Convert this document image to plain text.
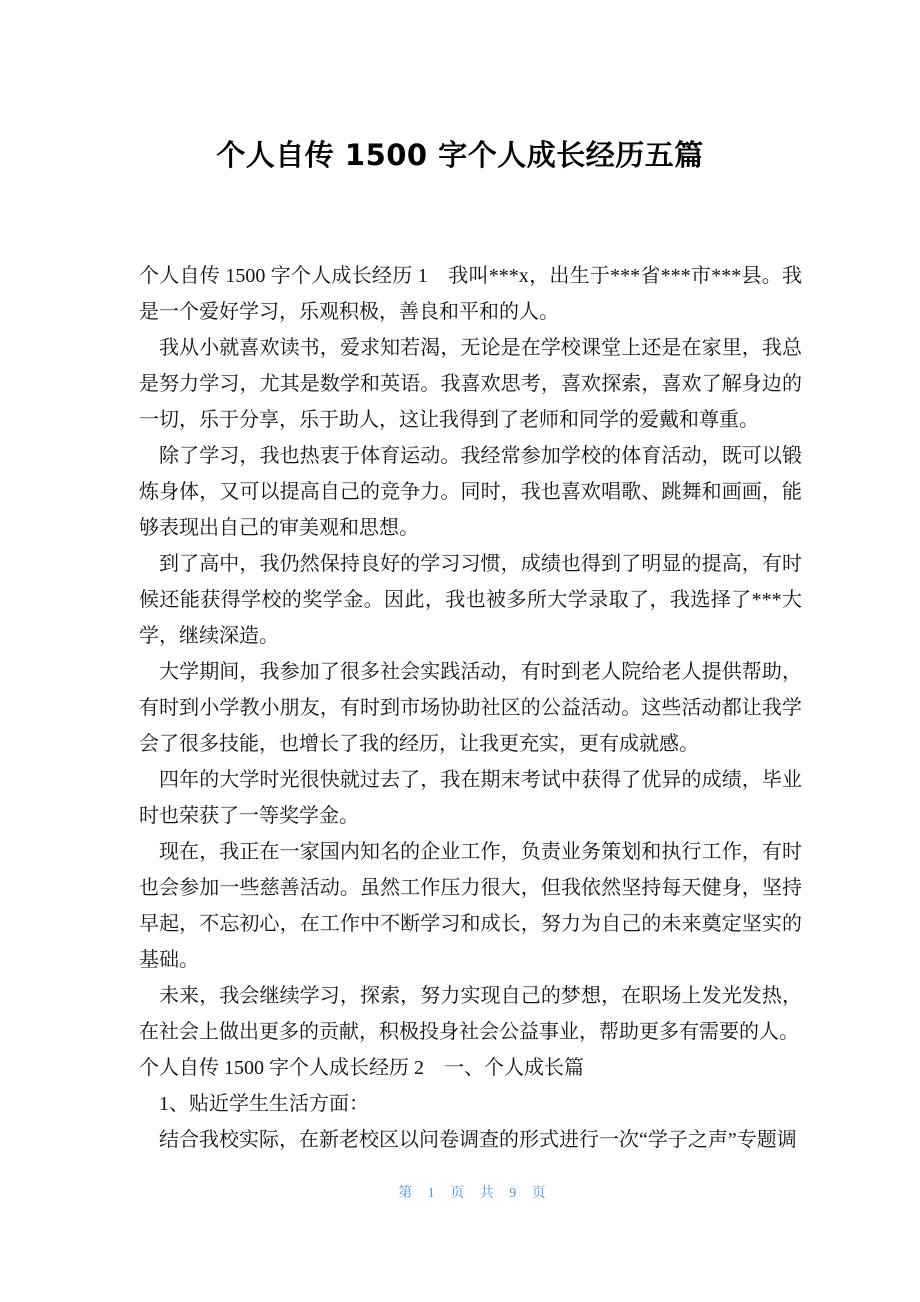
个人自传 1500 字个人成长经历五篇

个人自传 1500 字个人成长经历 1　我叫***x，出生于***省***市***县。我是一个爱好学习，乐观积极，善良和平和的人。

我从小就喜欢读书，爱求知若渴，无论是在学校课堂上还是在家里，我总是努力学习，尤其是数学和英语。我喜欢思考，喜欢探索，喜欢了解身边的一切，乐于分享，乐于助人，这让我得到了老师和同学的爱戴和尊重。

除了学习，我也热衷于体育运动。我经常参加学校的体育活动，既可以锻炼身体，又可以提高自己的竞争力。同时，我也喜欢唱歌、跳舞和画画，能够表现出自己的审美观和思想。

到了高中，我仍然保持良好的学习习惯，成绩也得到了明显的提高，有时候还能获得学校的奖学金。因此，我也被多所大学录取了，我选择了***大学，继续深造。

大学期间，我参加了很多社会实践活动，有时到老人院给老人提供帮助，有时到小学教小朋友，有时到市场协助社区的公益活动。这些活动都让我学会了很多技能，也增长了我的经历，让我更充实，更有成就感。

四年的大学时光很快就过去了，我在期末考试中获得了优异的成绩，毕业时也荣获了一等奖学金。

现在，我正在一家国内知名的企业工作，负责业务策划和执行工作，有时也会参加一些慈善活动。虽然工作压力很大，但我依然坚持每天健身，坚持早起，不忘初心，在工作中不断学习和成长，努力为自己的未来奠定坚实的基础。

未来，我会继续学习，探索，努力实现自己的梦想，在职场上发光发热，在社会上做出更多的贡献，积极投身社会公益事业，帮助更多有需要的人。

个人自传 1500 字个人成长经历 2　一、个人成长篇

1、贴近学生生活方面：

结合我校实际，在新老校区以问卷调查的形式进行一次“学子之声”专题调

第 1 页 共 9 页
